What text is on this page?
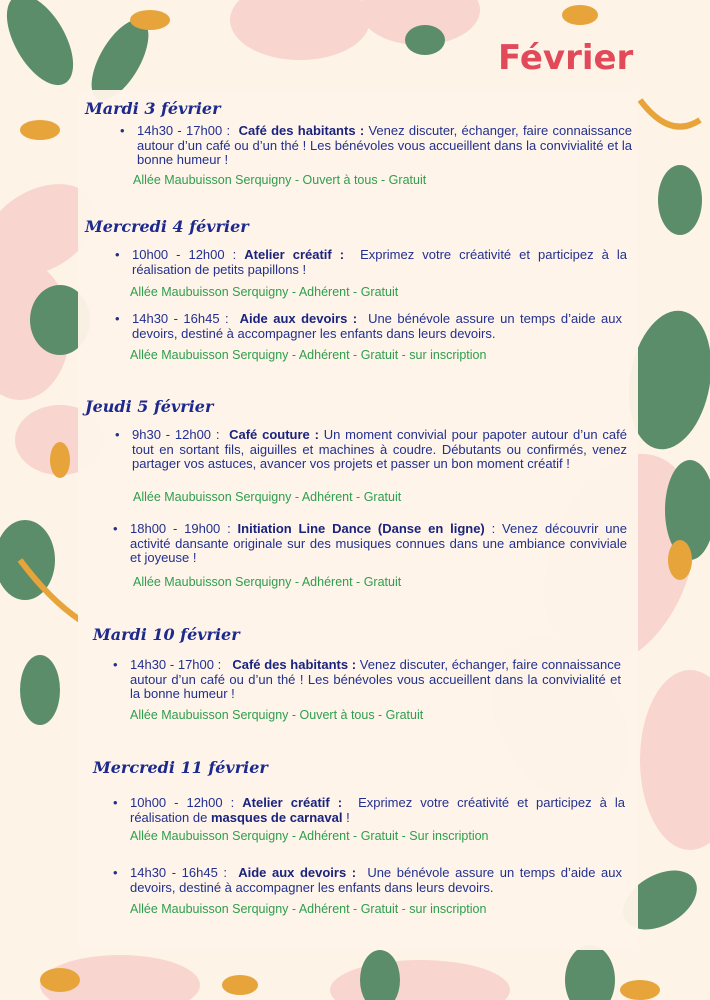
Février
Mardi 3 février
• 14h30 - 17h00 : Café des habitants : Venez discuter, échanger, faire connaissance autour d’un café ou d’un thé ! Les bénévoles vous accueillent dans la convivialité et la bonne humeur !
Allée Maubuisson Serquigny - Ouvert à tous - Gratuit
Mercredi 4 février
• 10h00 - 12h00 : Atelier créatif : Exprimez votre créativité et participez à la réalisation de petits papillons !
Allée Maubuisson Serquigny - Adhérent - Gratuit
• 14h30 - 16h45 : Aide aux devoirs : Une bénévole assure un temps d’aide aux devoirs, destiné à accompagner les enfants dans leurs devoirs.
Allée Maubuisson Serquigny - Adhérent - Gratuit - sur inscription
Jeudi 5 février
• 9h30 - 12h00 : Café couture : Un moment convivial pour papoter autour d’un café tout en sortant fils, aiguilles et machines à coudre. Débutants ou confirmés, venez partager vos astuces, avancer vos projets et passer un bon moment créatif !
Allée Maubuisson Serquigny - Adhérent - Gratuit
• 18h00 - 19h00 : Initiation Line Dance (Danse en ligne) : Venez découvrir une activité dansante originale sur des musiques connues dans une ambiance conviviale et joyeuse !
Allée Maubuisson Serquigny - Adhérent - Gratuit
Mardi 10 février
• 14h30 - 17h00 : Café des habitants : Venez discuter, échanger, faire connaissance autour d’un café ou d’un thé ! Les bénévoles vous accueillent dans la convivialité et la bonne humeur !
Allée Maubuisson Serquigny - Ouvert à tous - Gratuit
Mercredi 11 février
• 10h00 - 12h00 : Atelier créatif : Exprimez votre créativité et participez à la réalisation de masques de carnaval !
Allée Maubuisson Serquigny - Adhérent - Gratuit - Sur inscription
• 14h30 - 16h45 : Aide aux devoirs : Une bénévole assure un temps d’aide aux devoirs, destiné à accompagner les enfants dans leurs devoirs.
Allée Maubuisson Serquigny - Adhérent - Gratuit - sur inscription
